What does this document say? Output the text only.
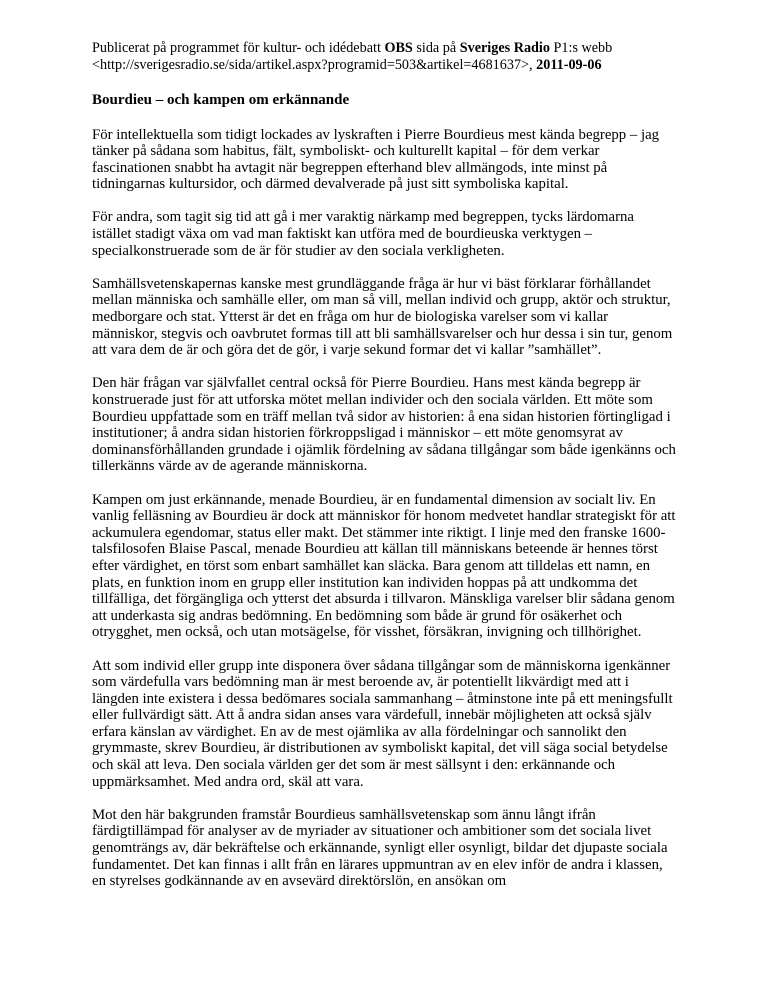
Publicerat på programmet för kultur- och idédebatt OBS sida på Sveriges Radio P1:s webb
<http://sverigesradio.se/sida/artikel.aspx?programid=503&artikel=4681637>, 2011-09-06

Bourdieu – och kampen om erkännande

För intellektuella som tidigt lockades av lyskraften i Pierre Bourdieus mest kända begrepp – jag tänker på sådana som habitus, fält, symboliskt- och kulturellt kapital – för dem verkar fascinationen snabbt ha avtagit när begreppen efterhand blev allmängods, inte minst på tidningarnas kultursidor, och därmed devalverade på just sitt symboliska kapital.

För andra, som tagit sig tid att gå i mer varaktig närkamp med begreppen, tycks lärdomarna istället stadigt växa om vad man faktiskt kan utföra med de bourdieuska verktygen – specialkonstruerade som de är för studier av den sociala verkligheten.

Samhällsvetenskapernas kanske mest grundläggande fråga är hur vi bäst förklarar förhållandet mellan människa och samhälle eller, om man så vill, mellan individ och grupp, aktör och struktur, medborgare och stat. Ytterst är det en fråga om hur de biologiska varelser som vi kallar människor, stegvis och oavbrutet formas till att bli samhällsvarelser och hur dessa i sin tur, genom att vara dem de är och göra det de gör, i varje sekund formar det vi kallar ”samhället”.

Den här frågan var självfallet central också för Pierre Bourdieu. Hans mest kända begrepp är konstruerade just för att utforska mötet mellan individer och den sociala världen. Ett möte som Bourdieu uppfattade som en träff mellan två sidor av historien: å ena sidan historien förtingligad i institutioner; å andra sidan historien förkroppsligad i människor – ett möte genomsyrat av dominansförhållanden grundade i ojämlik fördelning av sådana tillgångar som både igenkänns och tillerkänns värde av de agerande människorna.

Kampen om just erkännande, menade Bourdieu, är en fundamental dimension av socialt liv. En vanlig felläsning av Bourdieu är dock att människor för honom medvetet handlar strategiskt för att ackumulera egendomar, status eller makt. Det stämmer inte riktigt. I linje med den franske 1600-talsfilosofen Blaise Pascal, menade Bourdieu att källan till människans beteende är hennes törst efter värdighet, en törst som enbart samhället kan släcka. Bara genom att tilldelas ett namn, en plats, en funktion inom en grupp eller institution kan individen hoppas på att undkomma det tillfälliga, det förgängliga och ytterst det absurda i tillvaron. Mänskliga varelser blir sådana genom att underkasta sig andras bedömning. En bedömning som både är grund för osäkerhet och otrygghet, men också, och utan motsägelse, för visshet, försäkran, invigning och tillhörighet.

Att som individ eller grupp inte disponera över sådana tillgångar som de människorna igenkänner som värdefulla vars bedömning man är mest beroende av, är potentiellt likvärdigt med att i längden inte existera i dessa bedömares sociala sammanhang – åtminstone inte på ett meningsfullt eller fullvärdigt sätt. Att å andra sidan anses vara värdefull, innebär möjligheten att också själv erfara känslan av värdighet. En av de mest ojämlika av alla fördelningar och sannolikt den grymmaste, skrev Bourdieu, är distributionen av symboliskt kapital, det vill säga social betydelse och skäl att leva. Den sociala världen ger det som är mest sällsynt i den: erkännande och uppmärksamhet. Med andra ord, skäl att vara.

Mot den här bakgrunden framstår Bourdieus samhällsvetenskap som ännu långt ifrån färdigtillämpad för analyser av de myriader av situationer och ambitioner som det sociala livet genomträngs av, där bekräftelse och erkännande, synligt eller osynligt, bildar det djupaste sociala fundamentet. Det kan finnas i allt från en lärares uppmuntran av en elev inför de andra i klassen, en styrelses godkännande av en avsevärd direktörslön, en ansökan om
